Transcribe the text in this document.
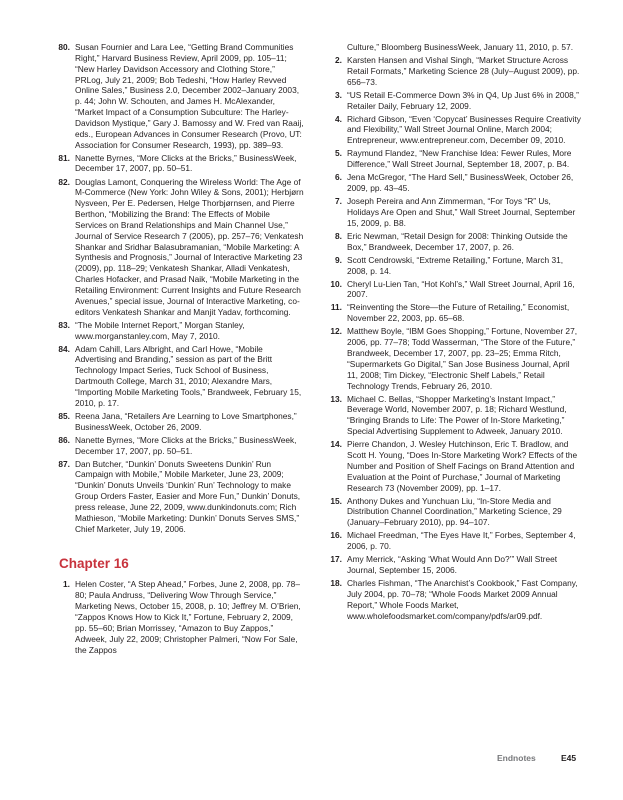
80. Susan Fournier and Lara Lee, “Getting Brand Communities Right,” Harvard Business Review, April 2009, pp. 105–11; “New Harley Davidson Accessory and Clothing Store,” PRLog, July 21, 2009; Bob Tedeshi, “How Harley Revved Online Sales,” Business 2.0, December 2002–January 2003, p. 44; John W. Schouten, and James H. McAlexander, “Market Impact of a Consumption Subculture: The Harley-Davidson Mystique,” Gary J. Bamossy and W. Fred van Raaij, eds., European Advances in Consumer Research (Provo, UT: Association for Consumer Research, 1993), pp. 389–93.
81. Nanette Byrnes, “More Clicks at the Bricks,” BusinessWeek, December 17, 2007, pp. 50–51.
82. Douglas Lamont, Conquering the Wireless World: The Age of M-Commerce (New York: John Wiley & Sons, 2001); Herbjørn Nysveen, Per E. Pedersen, Helge Thorbjørnsen, and Pierre Berthon, “Mobilizing the Brand: The Effects of Mobile Services on Brand Relationships and Main Channel Use,” Journal of Service Research 7 (2005), pp. 257–76; Venkatesh Shankar and Sridhar Balasubramanian, “Mobile Marketing: A Synthesis and Prognosis,” Journal of Interactive Marketing 23 (2009), pp. 118–29; Venkatesh Shankar, Alladi Venkatesh, Charles Hofacker, and Prasad Naik, “Mobile Marketing in the Retailing Environment: Current Insights and Future Research Avenues,” special issue, Journal of Interactive Marketing, co-editors Venkatesh Shankar and Manjit Yadav, forthcoming.
83. “The Mobile Internet Report,” Morgan Stanley, www.morganstanley.com, May 7, 2010.
84. Adam Cahill, Lars Albright, and Carl Howe, “Mobile Advertising and Branding,” session as part of the Britt Technology Impact Series, Tuck School of Business, Dartmouth College, March 31, 2010; Alexandre Mars, “Importing Mobile Marketing Tools,” Brandweek, February 15, 2010, p. 17.
85. Reena Jana, “Retailers Are Learning to Love Smartphones,” BusinessWeek, October 26, 2009.
86. Nanette Byrnes, “More Clicks at the Bricks,” BusinessWeek, December 17, 2007, pp. 50–51.
87. Dan Butcher, “Dunkin’ Donuts Sweetens Dunkin’ Run Campaign with Mobile,” Mobile Marketer, June 23, 2009; “Dunkin’ Donuts Unveils ‘Dunkin’ Run’ Technology to make Group Orders Faster, Easier and More Fun,” Dunkin’ Donuts, press release, June 22, 2009, www.dunkindonuts.com; Rich Mathieson, “Mobile Marketing: Dunkin’ Donuts Serves SMS,” Chief Marketer, July 19, 2006.
Chapter 16
1. Helen Coster, “A Step Ahead,” Forbes, June 2, 2008, pp. 78–80; Paula Andruss, “Delivering Wow Through Service,” Marketing News, October 15, 2008, p. 10; Jeffrey M. O’Brien, “Zappos Knows How to Kick It,” Fortune, February 2, 2009, pp. 55–60; Brian Morrissey, “Amazon to Buy Zappos,” Adweek, July 22, 2009; Christopher Palmeri, “Now For Sale, the Zappos
Culture,” Bloomberg BusinessWeek, January 11, 2010, p. 57.
2. Karsten Hansen and Vishal Singh, “Market Structure Across Retail Formats,” Marketing Science 28 (July–August 2009), pp. 656–73.
3. “US Retail E-Commerce Down 3% in Q4, Up Just 6% in 2008,” Retailer Daily, February 12, 2009.
4. Richard Gibson, “Even ‘Copycat’ Businesses Require Creativity and Flexibility,” Wall Street Journal Online, March 2004; Entrepreneur, www.entrepreneur.com, December 09, 2010.
5. Raymund Flandez, “New Franchise Idea: Fewer Rules, More Difference,” Wall Street Journal, September 18, 2007, p. B4.
6. Jena McGregor, “The Hard Sell,” BusinessWeek, October 26, 2009, pp. 43–45.
7. Joseph Pereira and Ann Zimmerman, “For Toys “R” Us, Holidays Are Open and Shut,” Wall Street Journal, September 15, 2009, p. B8.
8. Eric Newman, “Retail Design for 2008: Thinking Outside the Box,” Brandweek, December 17, 2007, p. 26.
9. Scott Cendrowski, “Extreme Retailing,” Fortune, March 31, 2008, p. 14.
10. Cheryl Lu-Lien Tan, “Hot Kohl’s,” Wall Street Journal, April 16, 2007.
11. “Reinventing the Store—the Future of Retailing,” Economist, November 22, 2003, pp. 65–68.
12. Matthew Boyle, “IBM Goes Shopping,” Fortune, November 27, 2006, pp. 77–78; Todd Wasserman, “The Store of the Future,” Brandweek, December 17, 2007, pp. 23–25; Emma Ritch, “Supermarkets Go Digital,” San Jose Business Journal, April 11, 2008; Tim Dickey, “Electronic Shelf Labels,” Retail Technology Trends, February 26, 2010.
13. Michael C. Bellas, “Shopper Marketing’s Instant Impact,” Beverage World, November 2007, p. 18; Richard Westlund, “Bringing Brands to Life: The Power of In-Store Marketing,” Special Advertising Supplement to Adweek, January 2010.
14. Pierre Chandon, J. Wesley Hutchinson, Eric T. Bradlow, and Scott H. Young, “Does In-Store Marketing Work? Effects of the Number and Position of Shelf Facings on Brand Attention and Evaluation at the Point of Purchase,” Journal of Marketing Research 73 (November 2009), pp. 1–17.
15. Anthony Dukes and Yunchuan Liu, “In-Store Media and Distribution Channel Coordination,” Marketing Science, 29 (January–February 2010), pp. 94–107.
16. Michael Freedman, “The Eyes Have It,” Forbes, September 4, 2006, p. 70.
17. Amy Merrick, “Asking ‘What Would Ann Do?’” Wall Street Journal, September 15, 2006.
18. Charles Fishman, “The Anarchist’s Cookbook,” Fast Company, July 2004, pp. 70–78; “Whole Foods Market 2009 Annual Report,” Whole Foods Market, www.wholefoodsmarket.com/company/pdfs/ar09.pdf.
Endnotes	E45
